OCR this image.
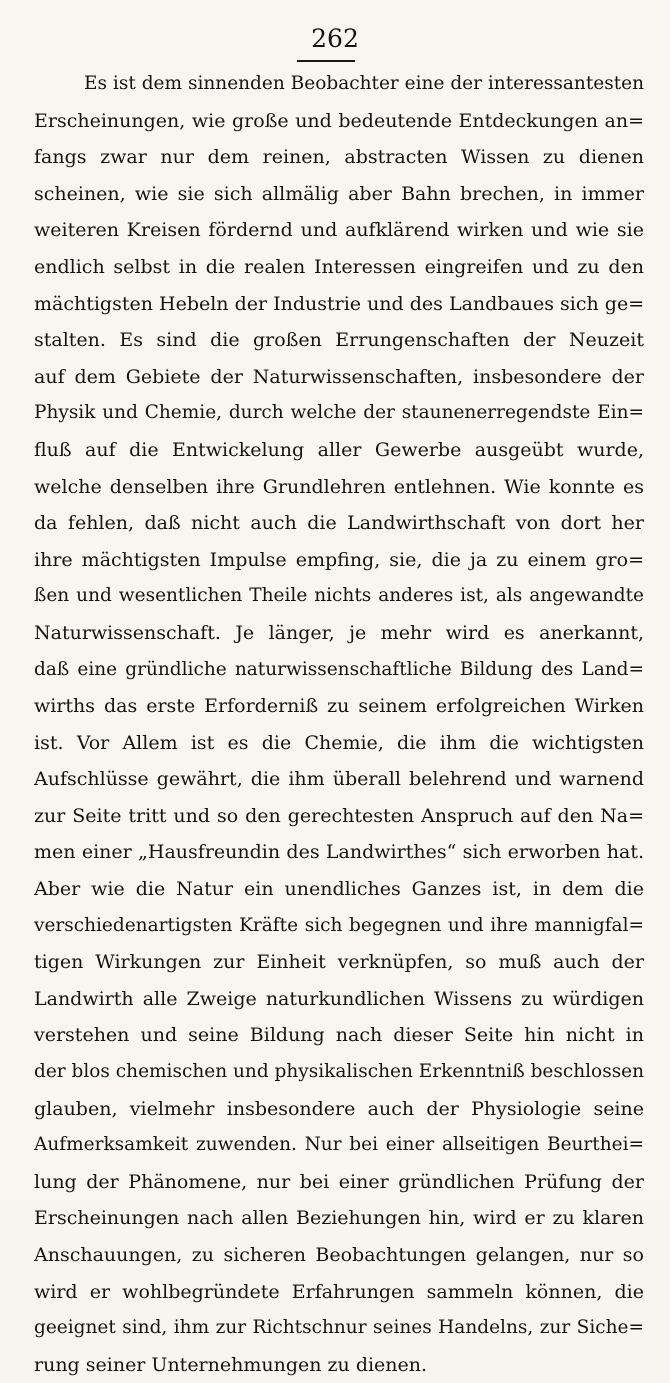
262
Es ist dem sinnenden Beobachter eine der interessantesten
Erscheinungen, wie große und bedeutende Entdeckungen an=
fangs zwar nur dem reinen, abstracten Wissen zu dienen
scheinen, wie sie sich allmälig aber Bahn brechen, in immer
weiteren Kreisen fördernd und aufklärend wirken und wie sie
endlich selbst in die realen Interessen eingreifen und zu den
mächtigsten Hebeln der Industrie und des Landbaues sich ge=
stalten. Es sind die großen Errungenschaften der Neuzeit
auf dem Gebiete der Naturwissenschaften, insbesondere der
Physik und Chemie, durch welche der staunenerregendste Ein=
fluß auf die Entwickelung aller Gewerbe ausgeübt wurde,
welche denselben ihre Grundlehren entlehnen. Wie konnte es
da fehlen, daß nicht auch die Landwirthschaft von dort her
ihre mächtigsten Impulse empfing, sie, die ja zu einem gro=
ßen und wesentlichen Theile nichts anderes ist, als angewandte
Naturwissenschaft. Je länger, je mehr wird es anerkannt,
daß eine gründliche naturwissenschaftliche Bildung des Land=
wirths das erste Erforderniß zu seinem erfolgreichen Wirken
ist. Vor Allem ist es die Chemie, die ihm die wichtigsten
Aufschlüsse gewährt, die ihm überall belehrend und warnend
zur Seite tritt und so den gerechtesten Anspruch auf den Na=
men einer „Hausfreundin des Landwirthes“ sich erworben hat.
Aber wie die Natur ein unendliches Ganzes ist, in dem die
verschiedenartigsten Kräfte sich begegnen und ihre mannigfal=
tigen Wirkungen zur Einheit verknüpfen, so muß auch der
Landwirth alle Zweige naturkundlichen Wissens zu würdigen
verstehen und seine Bildung nach dieser Seite hin nicht in
der blos chemischen und physikalischen Erkenntniß beschlossen
glauben, vielmehr insbesondere auch der Physiologie seine
Aufmerksamkeit zuwenden. Nur bei einer allseitigen Beurthei=
lung der Phänomene, nur bei einer gründlichen Prüfung der
Erscheinungen nach allen Beziehungen hin, wird er zu klaren
Anschauungen, zu sicheren Beobachtungen gelangen, nur so
wird er wohlbegründete Erfahrungen sammeln können, die
geeignet sind, ihm zur Richtschnur seines Handelns, zur Siche=
rung seiner Unternehmungen zu dienen.
